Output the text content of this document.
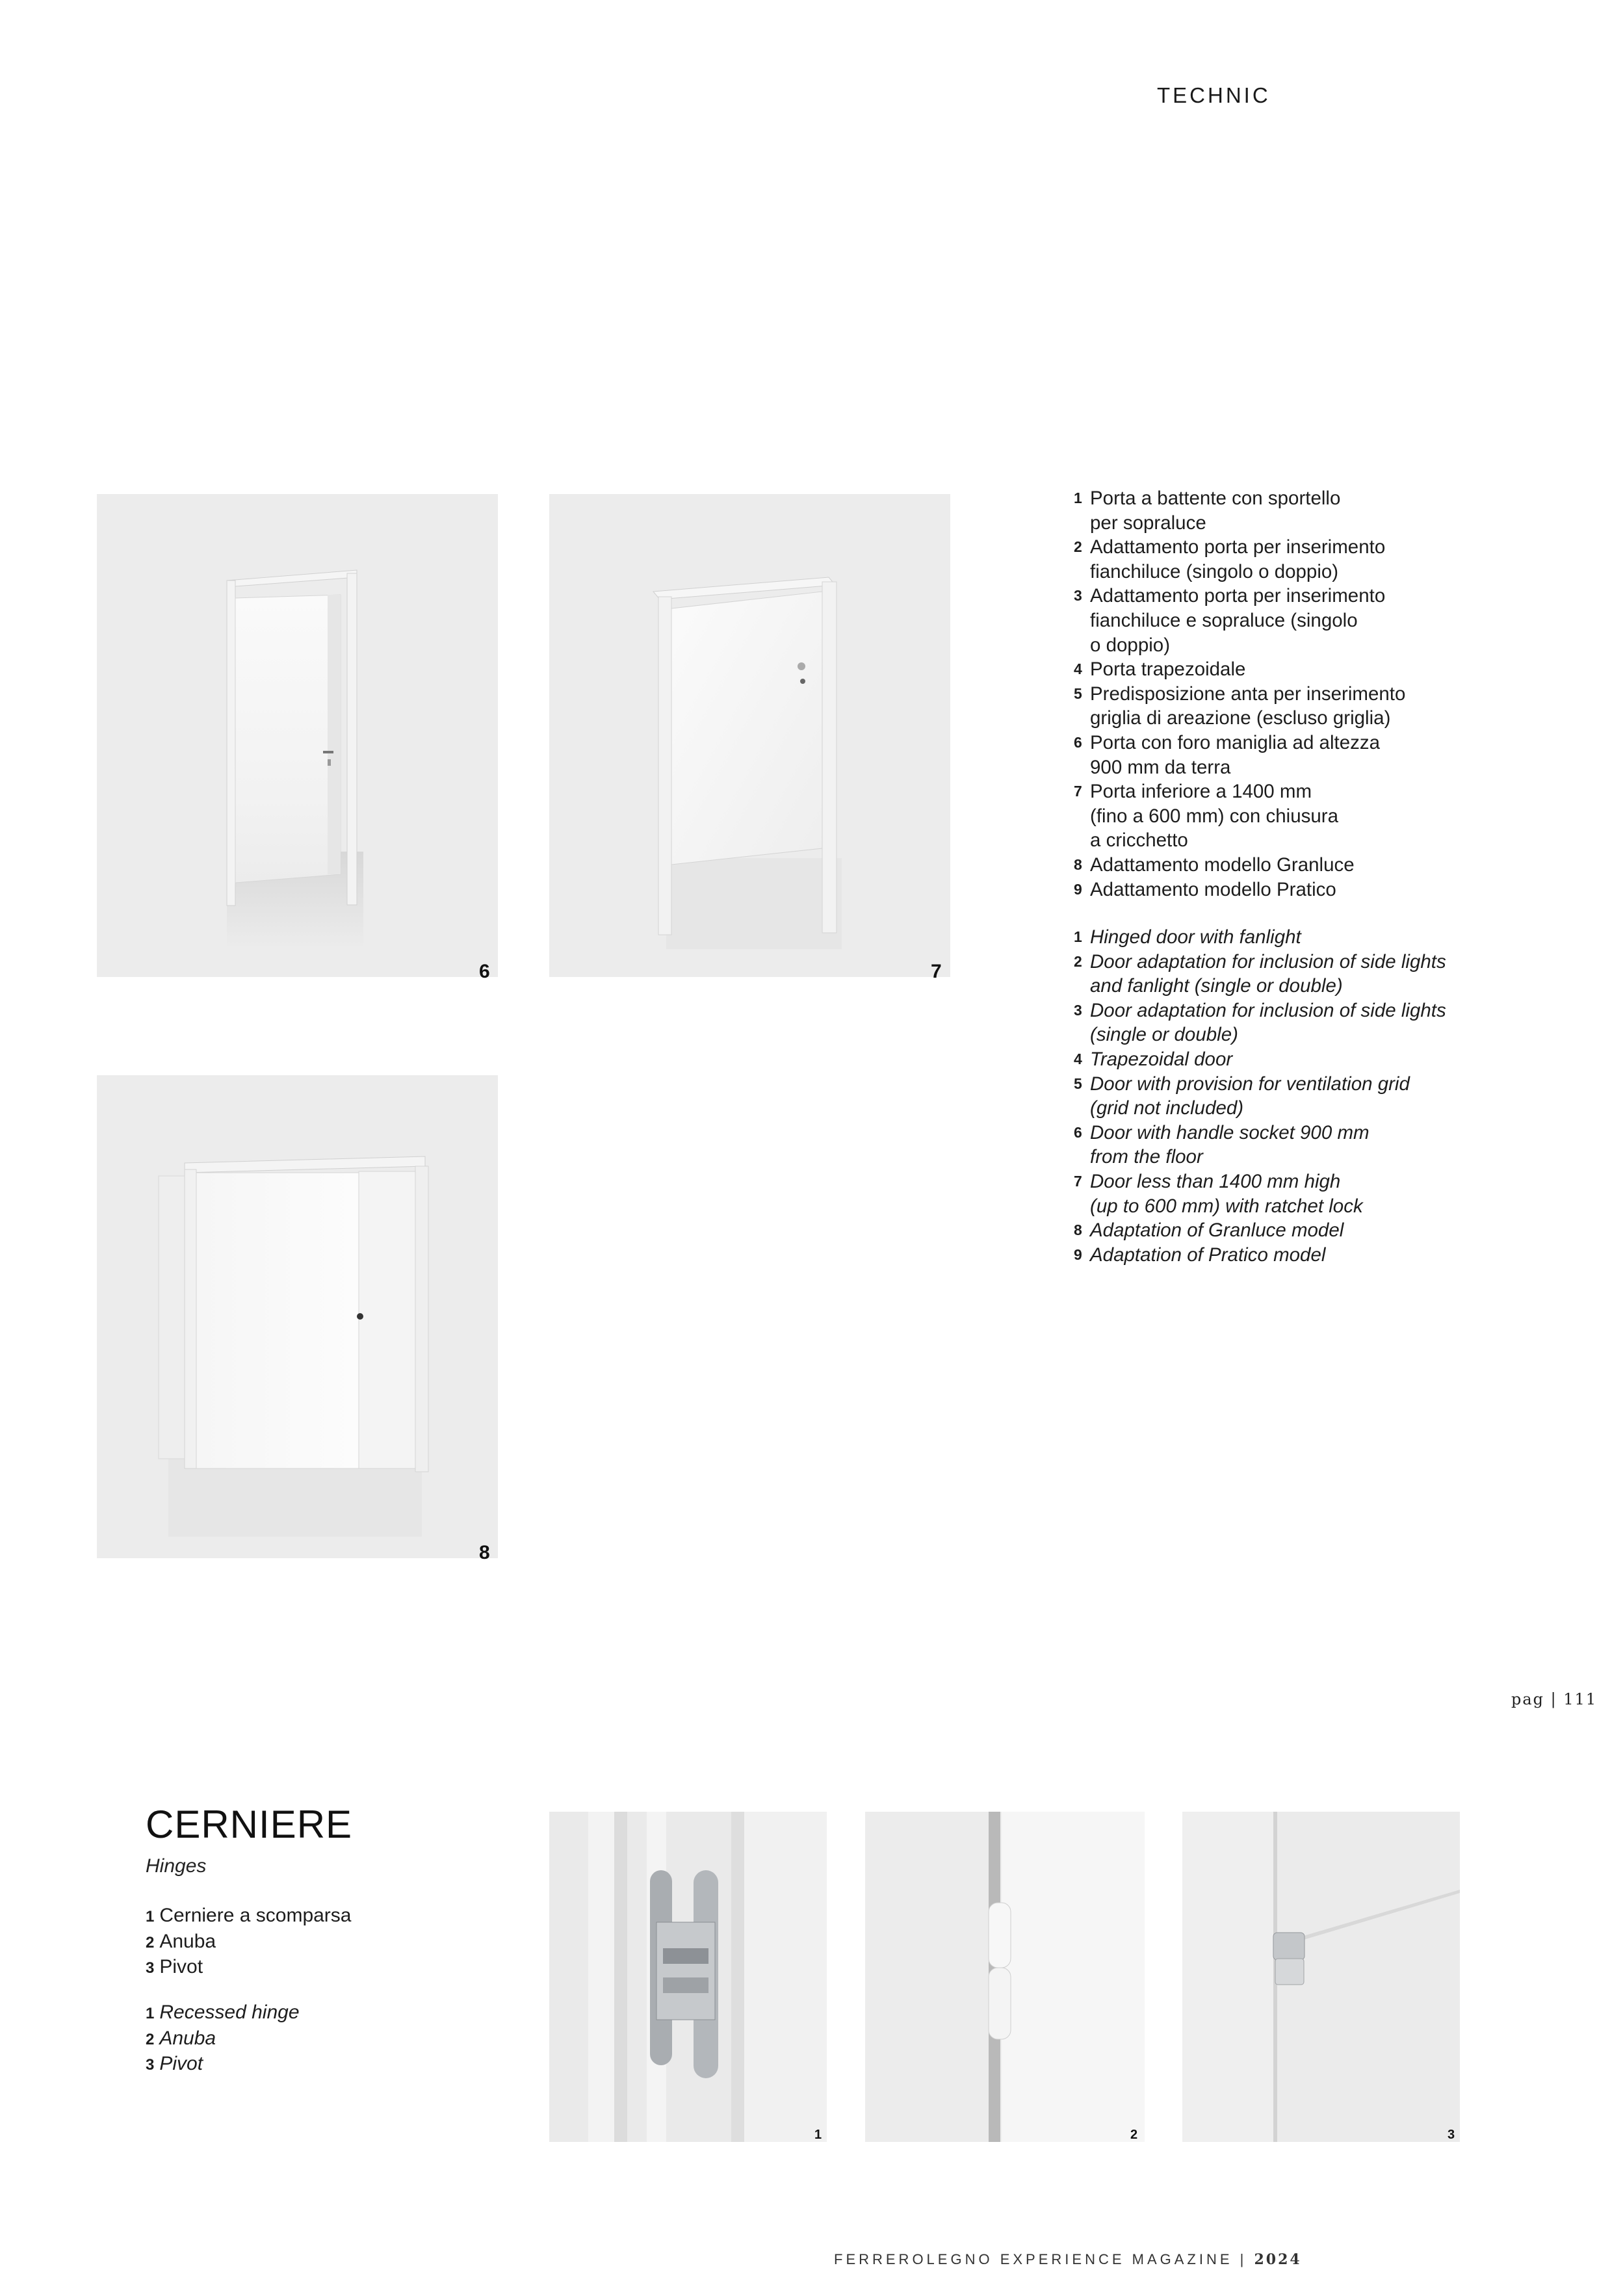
TECHNIC
6	7
8
1 Porta a battente con sportello
per sopraluce
2 Adattamento porta per inserimento
fianchiluce (singolo o doppio)
3 Adattamento porta per inserimento
fianchiluce e sopraluce (singolo
o doppio)
4 Porta trapezoidale
5 Predisposizione anta per inserimento
griglia di areazione (escluso griglia)
6 Porta con foro maniglia ad altezza
900 mm da terra
7 Porta inferiore a 1400 mm
(fino a 600 mm) con chiusura
a cricchetto
8 Adattamento modello Granluce
9 Adattamento modello Pratico
1 Hinged door with fanlight
2 Door adaptation for inclusion of side lights
and fanlight (single or double)
3 Door adaptation for inclusion of side lights
(single or double)
4 Trapezoidal door
5 Door with provision for ventilation grid
(grid not included)
6 Door with handle socket 900 mm
from the floor
7 Door less than 1400 mm high
(up to 600 mm) with ratchet lock
8 Adaptation of Granluce model
9 Adaptation of Pratico model
pag | 111
CERNIERE
Hinges
1 Cerniere a scomparsa
2 Anuba
3 Pivot
1 Recessed hinge
2 Anuba
3 Pivot
1	2	3
FERREROLEGNO EXPERIENCE MAGAZINE | 2024
